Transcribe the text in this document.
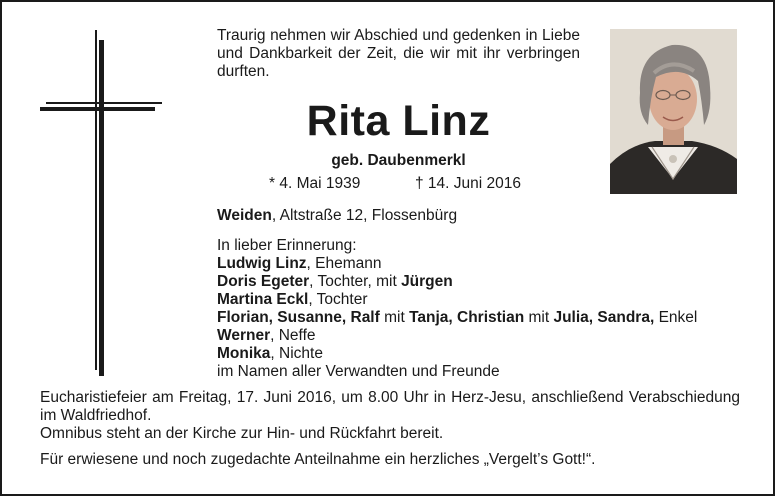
Traurig nehmen wir Abschied und gedenken in Liebe und Dankbarkeit der Zeit, die wir mit ihr verbringen durften.
Rita Linz
geb. Daubenmerkl
* 4. Mai 1939	† 14. Juni 2016
Weiden, Altstraße 12, Flossenbürg
In lieber Erinnerung:
Ludwig Linz, Ehemann
Doris Egeter, Tochter, mit Jürgen
Martina Eckl, Tochter
Florian, Susanne, Ralf mit Tanja, Christian mit Julia, Sandra, Enkel
Werner, Neffe
Monika, Nichte
im Namen aller Verwandten und Freunde
Eucharistiefeier am Freitag, 17. Juni 2016, um 8.00 Uhr in Herz-Jesu, anschließend Verabschiedung im Waldfriedhof.
Omnibus steht an der Kirche zur Hin- und Rückfahrt bereit.
Für erwiesene und noch zugedachte Anteilnahme ein herzliches „Vergelt’s Gott!“.
